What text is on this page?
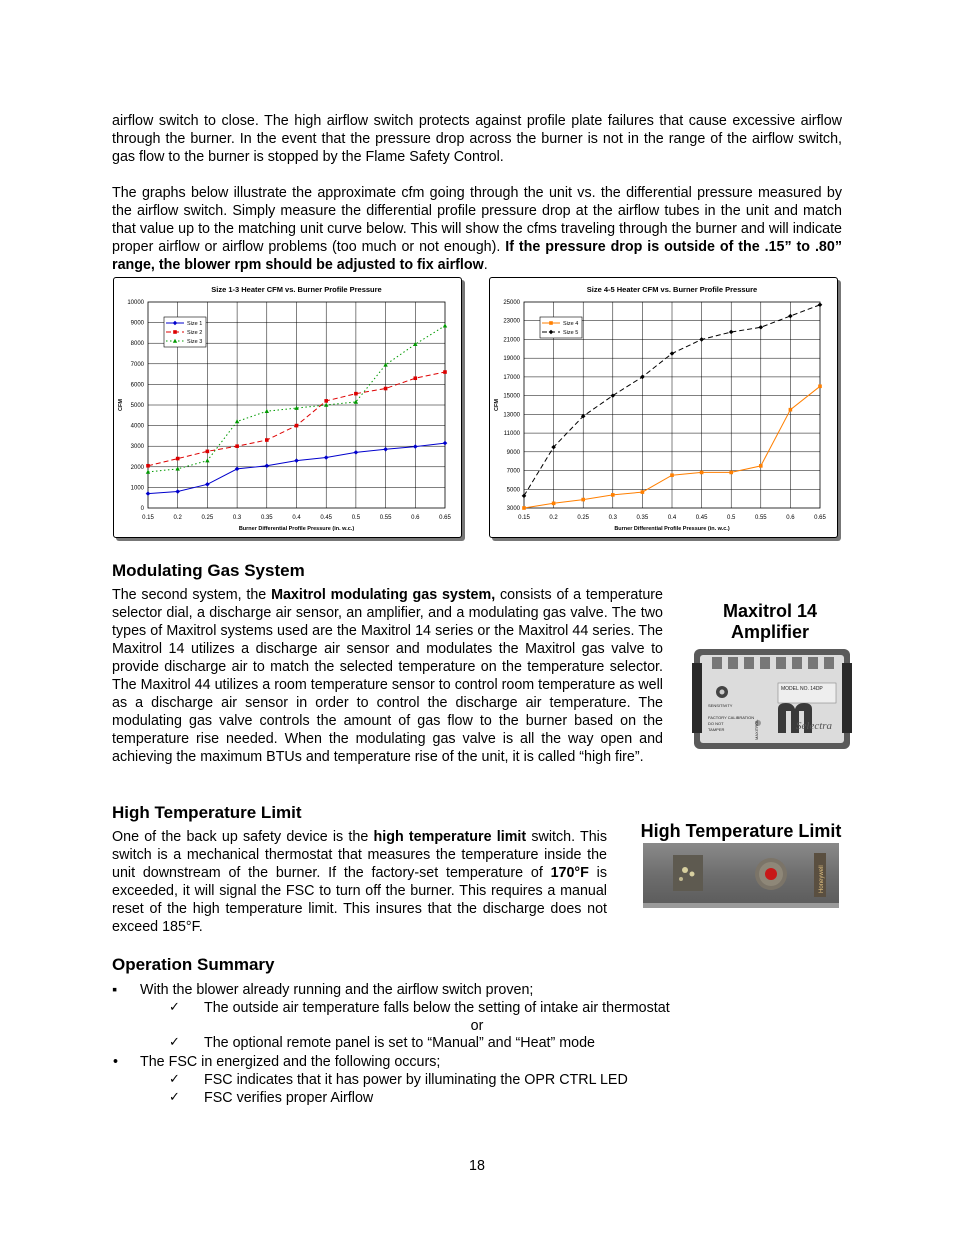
airflow switch to close. The high airflow switch protects against profile plate failures that cause excessive airflow through the burner. In the event that the pressure drop across the burner is not in the range of the airflow switch, gas flow to the burner is stopped by the Flame Safety Control.

The graphs below illustrate the approximate cfm going through the unit vs. the differential pressure measured by the airflow switch. Simply measure the differential profile pressure drop at the airflow tubes in the unit and match that value up to the matching unit curve below. This will show the cfms traveling through the burner and will indicate proper airflow or airflow problems (too much or not enough). If the pressure drop is outside of the .15” to .80” range, the blower rpm should be adjusted to fix airflow.

Size 1-3 Heater CFM vs. Burner Profile Pressure
0.15	0.2	0.25	0.3	0.35	0.4	0.45	0.5	0.55	0.6	0.65
0
1000
2000
3000
4000
5000
6000
7000
8000
9000
10000
Burner Differential Profile Pressure (in. w.c.)
CFM
Size 1
Size 2
Size 3
Size 4-5 Heater CFM vs. Burner Profile Pressure
0.15	0.2	0.25	0.3	0.35	0.4	0.45	0.5	0.55	0.6	0.65
3000
5000
7000
9000
11000
13000
15000
17000
19000
21000
23000
25000
Burner Differential Profile Pressure (in. w.c.)
CFM
Size 4
Size 5
Modulating Gas System

The second system, the Maxitrol modulating gas system, consists of a temperature selector dial, a discharge air sensor, an amplifier, and a modulating gas valve. The two types of Maxitrol systems used are the Maxitrol 14 series or the Maxitrol 44 series. The Maxitrol 14 utilizes a discharge air sensor and modulates the Maxitrol gas valve to provide discharge air to match the selected temperature on the temperature selector. The Maxitrol 44 utilizes a room temperature sensor to control room temperature as well as a discharge air sensor in order to control the discharge air temperature. The modulating gas valve controls the amount of gas flow to the burner based on the temperature rise needed. When the modulating gas valve is all the way open and achieving the maximum BTUs and temperature rise of the unit, it is called “high fire”.

Maxitrol 14
Amplifier
SENSITIVITY
FACTORY CALIBRATION
DO NOT
TAMPER
MODEL NO. 14DP
MAXITROL	Selectra
High Temperature Limit

One of the back up safety device is the high temperature limit switch. This switch is a mechanical thermostat that measures the temperature inside the unit downstream of the burner. If the factory-set temperature of 170°F is exceeded, it will signal the FSC to turn off the burner. This requires a manual reset of the high temperature limit. This insures that the discharge does not exceed 185°F.

High Temperature Limit
Honeywell
Operation Summary
▪ With the blower already running and the airflow switch proven;
✓ The outside air temperature falls below the setting of intake air thermostat
or
✓ The optional remote panel is set to “Manual” and “Heat” mode
• The FSC in energized and the following occurs;
✓ FSC indicates that it has power by illuminating the OPR CTRL LED
✓ FSC verifies proper Airflow
18
